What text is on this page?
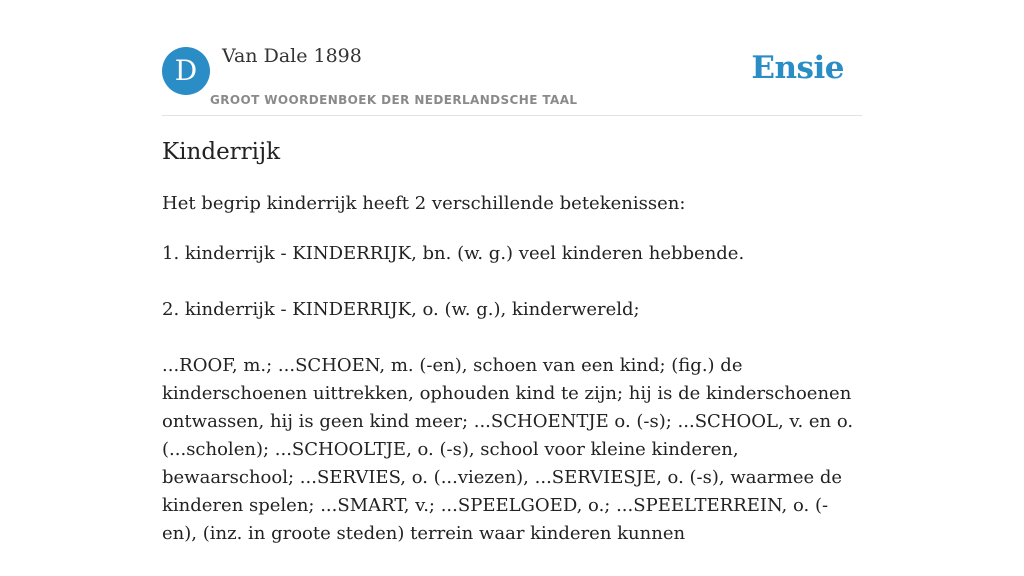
D	Van Dale 1898
GROOT WOORDENBOEK DER NEDERLANDSCHE TAAL
Ensie
Kinderrijk

Het begrip kinderrijk heeft 2 verschillende betekenissen:

1. kinderrijk - KINDERRIJK, bn. (w. g.) veel kinderen hebbende.

2. kinderrijk - KINDERRIJK, o. (w. g.), kinderwereld;

...ROOF, m.; ...SCHOEN, m. (-en), schoen van een kind; (fig.) de kinderschoenen uittrekken, ophouden kind te zijn; hij is de kinderschoenen ontwassen, hij is geen kind meer; ...SCHOENTJE o. (-s); ...SCHOOL, v. en o. (...scholen); ...SCHOOLTJE, o. (-s), school voor kleine kinderen, bewaarschool; ...SERVIES, o. (...viezen), ...SERVIESJE, o. (-s), waarmee de kinderen spelen; ...SMART, v.; ...SPEELGOED, o.; ...SPEELTERREIN, o. (-en), (inz. in groote steden) terrein waar kinderen kunnen
